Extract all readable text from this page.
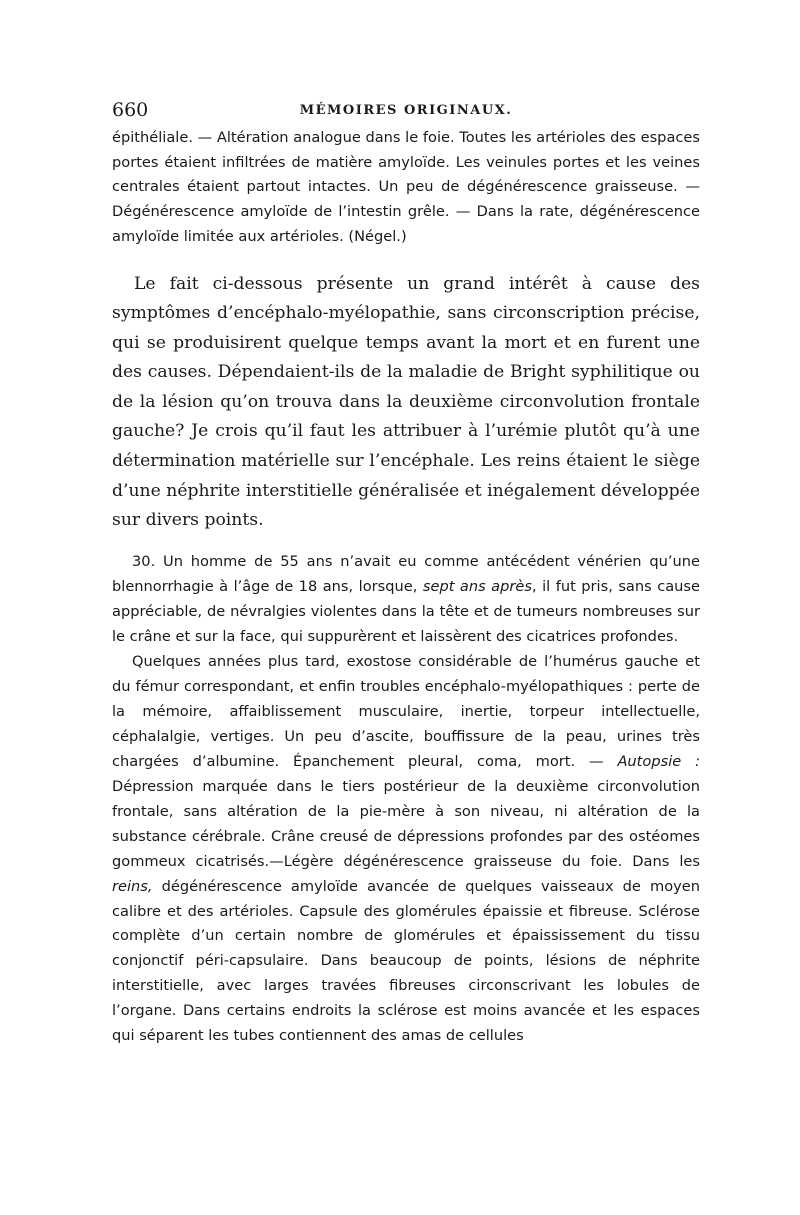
660	MÉMOIRES ORIGINAUX.

épithéliale. — Altération analogue dans le foie. Toutes les artérioles des espaces portes étaient infiltrées de matière amyloïde. Les veinules portes et les veines centrales étaient partout intactes. Un peu de dégénérescence graisseuse. — Dégénérescence amyloïde de l’intestin grêle. — Dans la rate, dégénérescence amyloïde limitée aux artérioles. (Négel.)

Le fait ci-dessous présente un grand intérêt à cause des symptômes d’encéphalo-myélopathie, sans circonscription précise, qui se produisirent quelque temps avant la mort et en furent une des causes. Dépendaient-ils de la maladie de Bright syphilitique ou de la lésion qu’on trouva dans la deuxième circonvolution frontale gauche? Je crois qu’il faut les attribuer à l’urémie plutôt qu’à une détermination matérielle sur l’encéphale. Les reins étaient le siège d’une néphrite interstitielle généralisée et inégalement développée sur divers points.

30. Un homme de 55 ans n’avait eu comme antécédent vénérien qu’une blennorrhagie à l’âge de 18 ans, lorsque, sept ans après, il fut pris, sans cause appréciable, de névralgies violentes dans la tête et de tumeurs nombreuses sur le crâne et sur la face, qui suppurèrent et laissèrent des cicatrices profondes.

Quelques années plus tard, exostose considérable de l’humérus gauche et du fémur correspondant, et enfin troubles encéphalo-myélopathiques : perte de la mémoire, affaiblissement musculaire, inertie, torpeur intellectuelle, céphalalgie, vertiges. Un peu d’ascite, bouffissure de la peau, urines très chargées d’albumine. Épanchement pleural, coma, mort. — Autopsie : Dépression marquée dans le tiers postérieur de la deuxième circonvolution frontale, sans altération de la pie-mère à son niveau, ni altération de la substance cérébrale. Crâne creusé de dépressions profondes par des ostéomes gommeux cicatrisés.—Légère dégénérescence graisseuse du foie. Dans les reins, dégénérescence amyloïde avancée de quelques vaisseaux de moyen calibre et des artérioles. Capsule des glomérules épaissie et fibreuse. Sclérose complète d’un certain nombre de glomérules et épaississement du tissu conjonctif péri-capsulaire. Dans beaucoup de points, lésions de néphrite interstitielle, avec larges travées fibreuses circonscrivant les lobules de l’organe. Dans certains endroits la sclérose est moins avancée et les espaces qui séparent les tubes contiennent des amas de cellules
